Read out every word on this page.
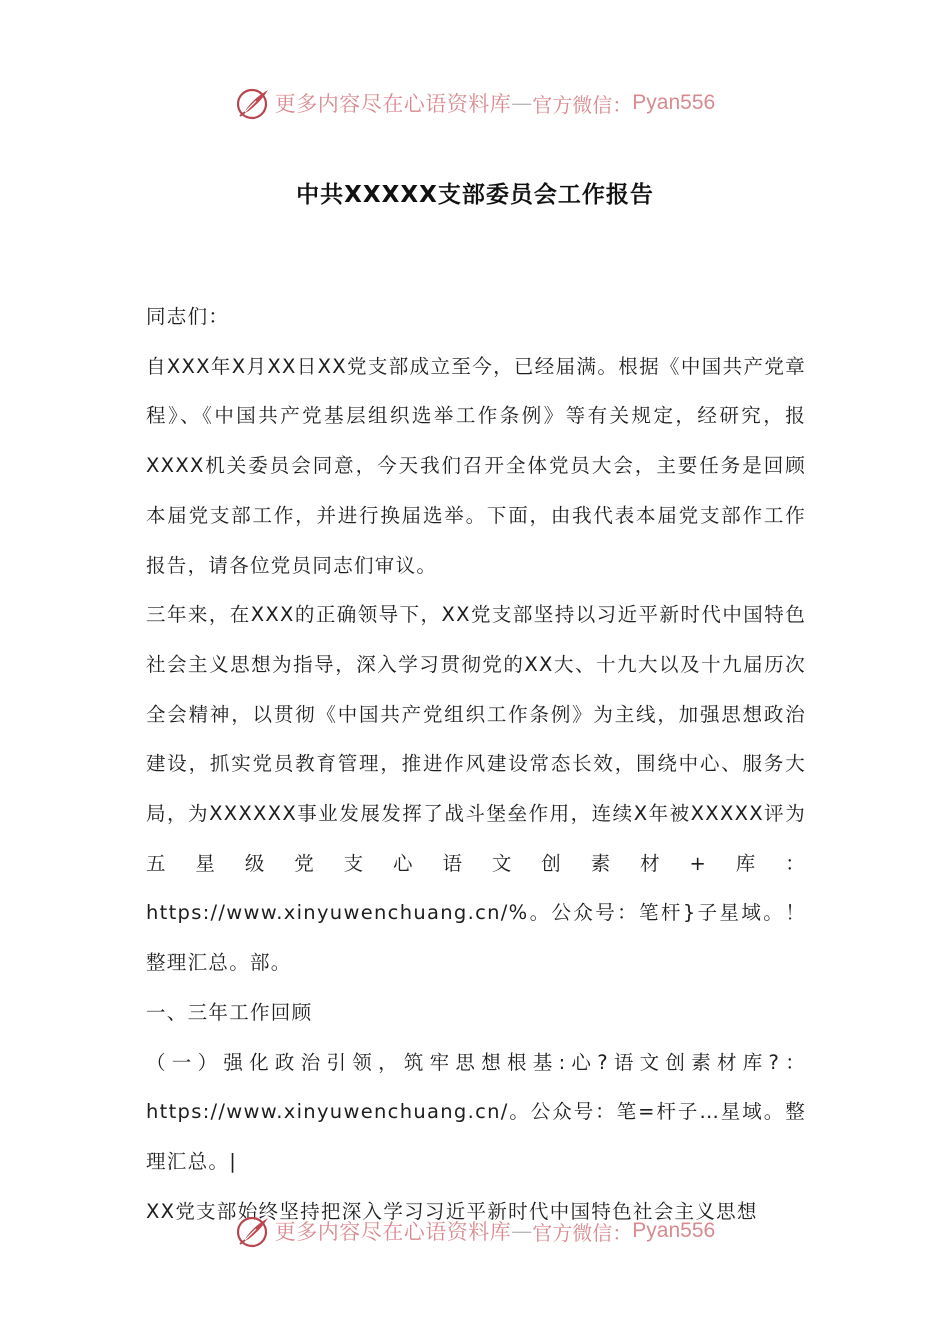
更多内容尽在心语资料库 — 官方微信： Pyan556
中共XXXXX支部委员会工作报告

同志们：

自XXX年X月XX日XX党支部成立至今，已经届满。根据《中国共产党章程》、《中国共产党基层组织选举工作条例》等有关规定，经研究，报XXXX机关委员会同意，今天我们召开全体党员大会，主要任务是回顾本届党支部工作，并进行换届选举。下面，由我代表本届党支部作工作报告，请各位党员同志们审议。

三年来，在XXX的正确领导下，XX党支部坚持以习近平新时代中国特色社会主义思想为指导，深入学习贯彻党的XX大、十九大以及十九届历次全会精神，以贯彻《中国共产党组织工作条例》为主线，加强思想政治建设，抓实党员教育管理，推进作风建设常态长效，围绕中心、服务大局，为XXXXXX事业发展发挥了战斗堡垒作用，连续X年被XXXXX评为五星级党支心语文创素材+库：https://www.xinyuwenchuang.cn/%。公众号：笔杆}子星域。！整理汇总。部。

一、三年工作回顾

（一）强化政治引领，筑牢思想根基:心?语文创素材库?：https://www.xinyuwenchuang.cn/。公众号：笔=杆子…星域。整理汇总。|

XX党支部始终坚持把深入学习习近平新时代中国特色社会主义思想

更多内容尽在心语资料库 — 官方微信： Pyan556
